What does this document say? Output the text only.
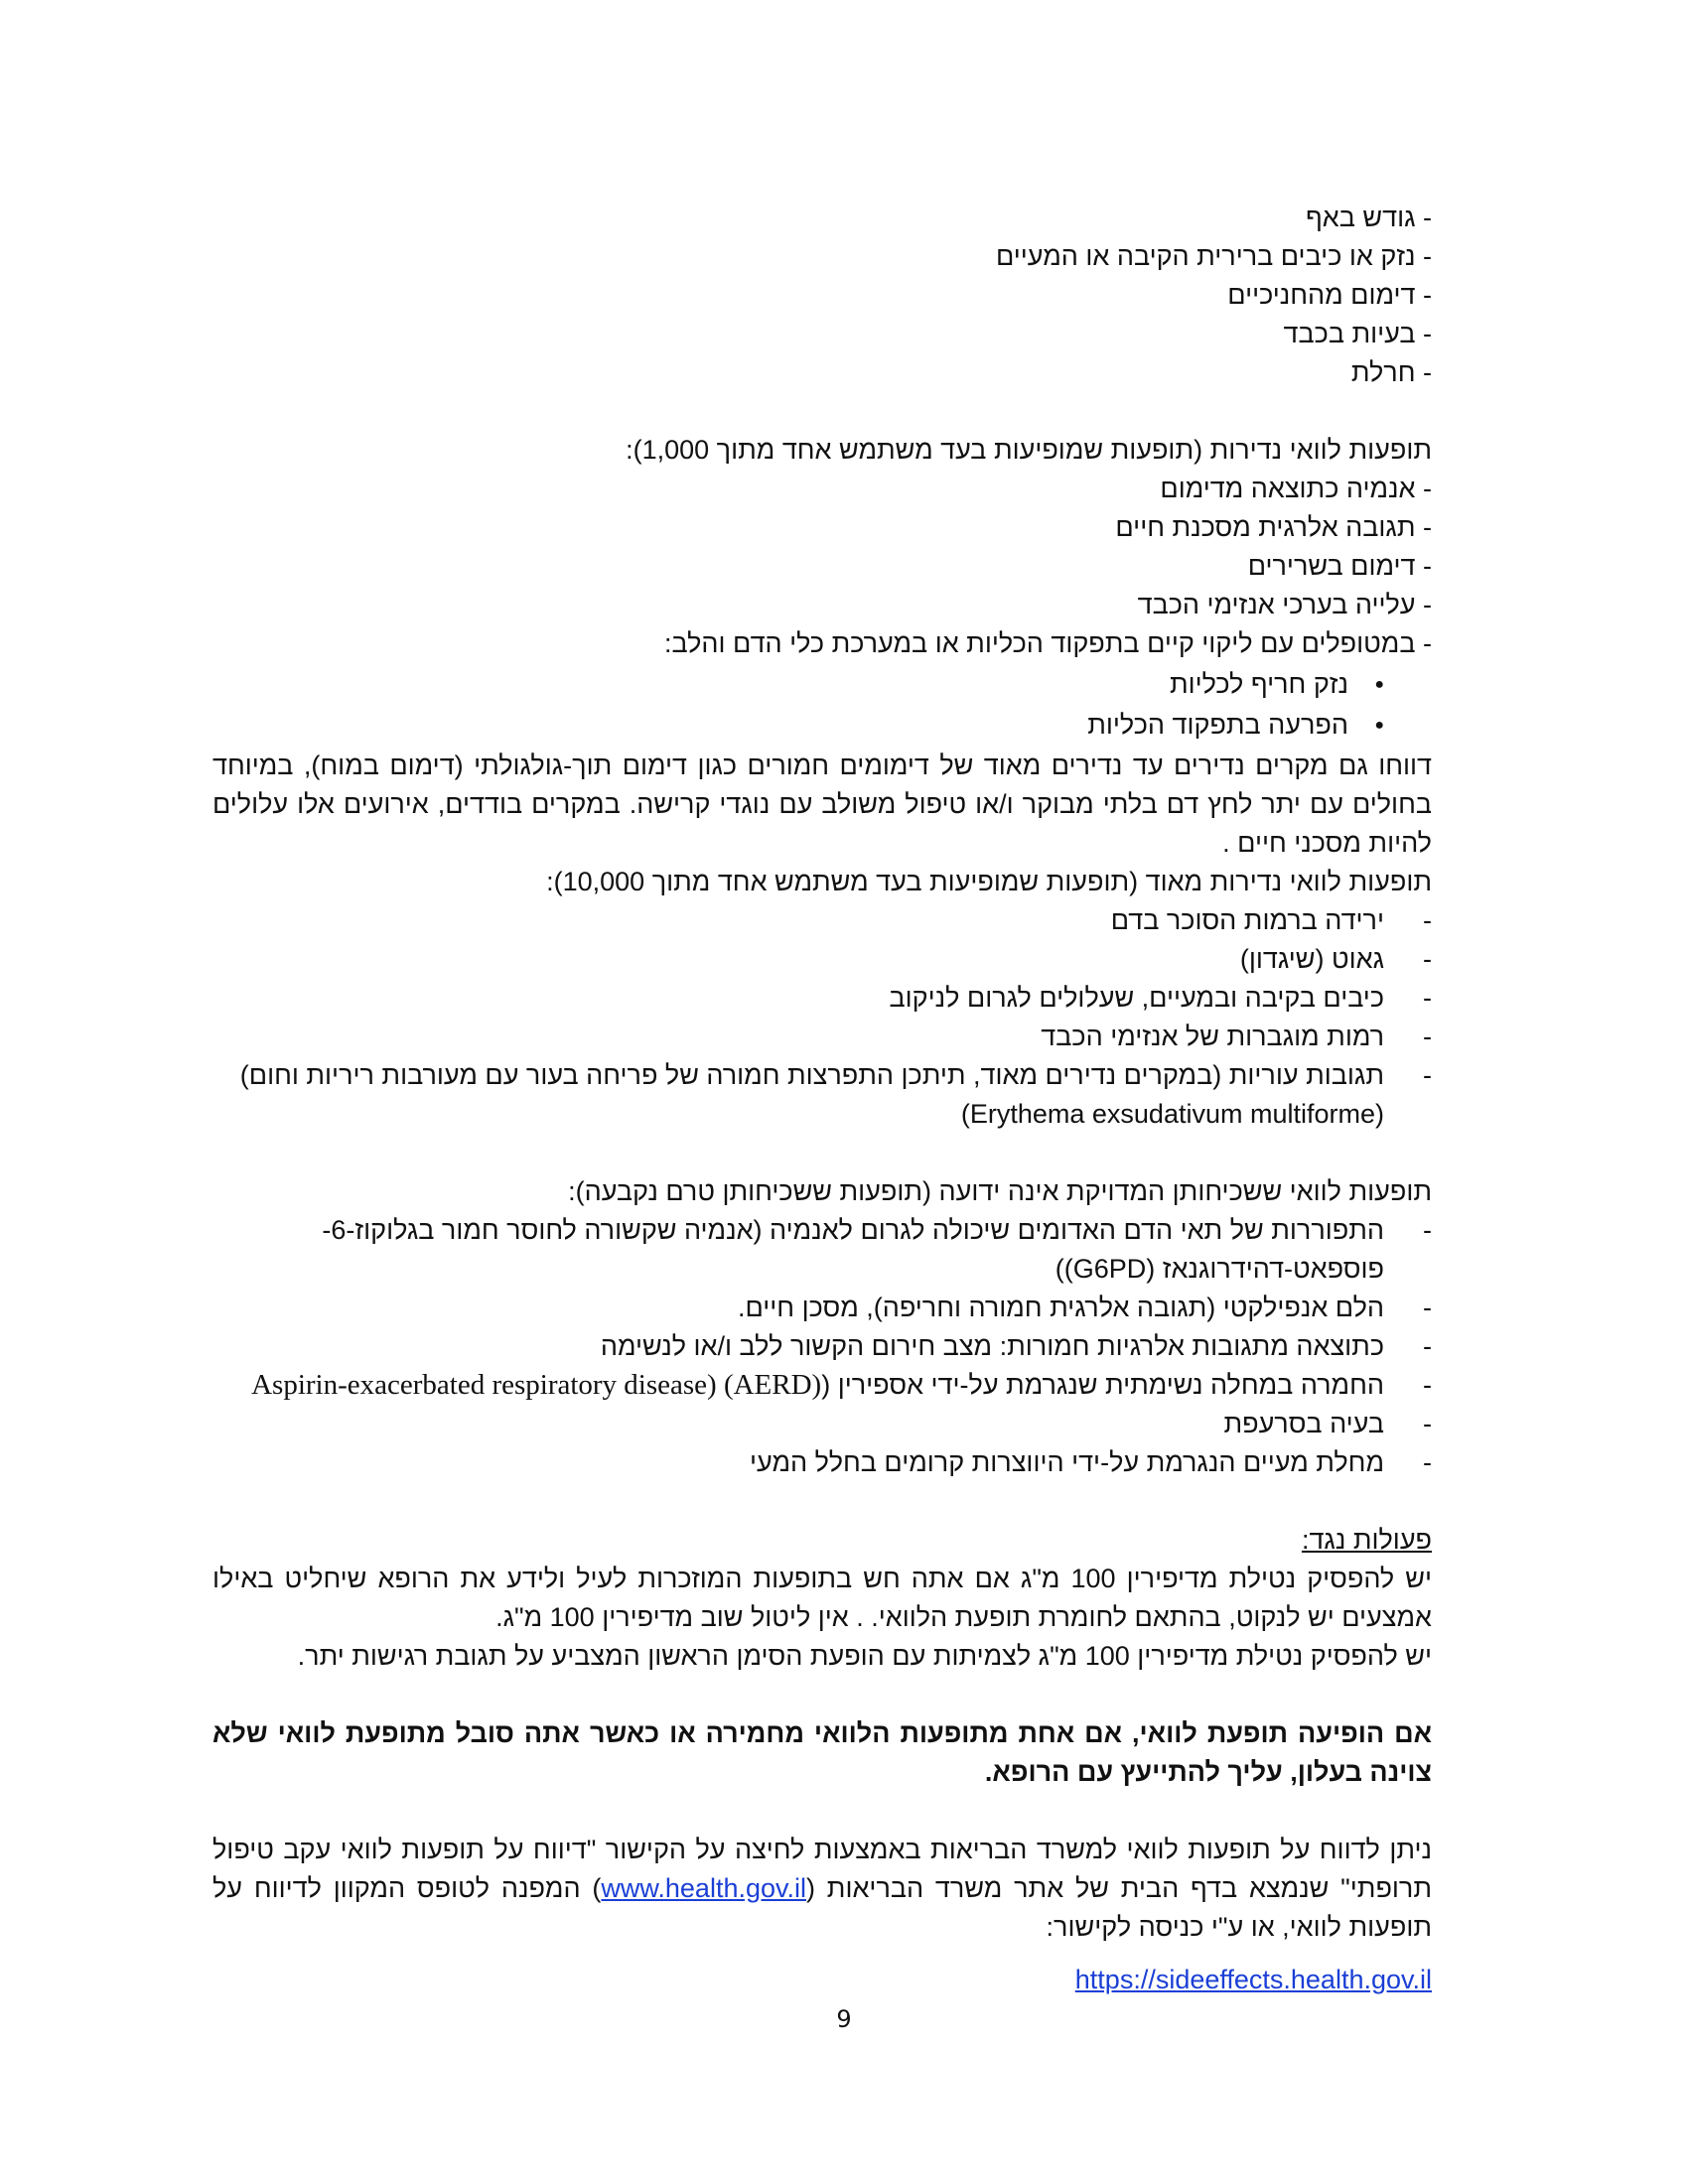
- גודש באף
- נזק או כיבים ברירית הקיבה או המעיים
- דימום מהחניכיים
- בעיות בכבד
- חרלת

תופעות לוואי נדירות (תופעות שמופיעות בעד משתמש אחד מתוך 1,000):

- אנמיה כתוצאה מדימום
- תגובה אלרגית מסכנת חיים
- דימום בשרירים
- עלייה בערכי אנזימי הכבד
- במטופלים עם ליקוי קיים בתפקוד הכליות או במערכת כלי הדם והלב:
● נזק חריף לכליות
● הפרעה בתפקוד הכליות

דווחו גם מקרים נדירים עד נדירים מאוד של דימומים חמורים כגון דימום תוך-גולגולתי (דימום במוח), במיוחד בחולים עם יתר לחץ דם בלתי מבוקר ו/או טיפול משולב עם נוגדי קרישה. במקרים בודדים, אירועים אלו עלולים להיות מסכני חיים .

תופעות לוואי נדירות מאוד (תופעות שמופיעות בעד משתמש אחד מתוך 10,000):

- ירידה ברמות הסוכר בדם
- גאוט (שיגדון)
- כיבים בקיבה ובמעיים, שעלולים לגרום לניקוב
- רמות מוגברות של אנזימי הכבד
- תגובות עוריות (במקרים נדירים מאוד, תיתכן התפרצות חמורה של פריחה בעור עם מעורבות ריריות וחום) (Erythema exsudativum multiforme)

תופעות לוואי ששכיחותן המדויקת אינה ידועה (תופעות ששכיחותן טרם נקבעה):

- התפוררות של תאי הדם האדומים שיכולה לגרום לאנמיה (אנמיה שקשורה לחוסר חמור בגלוקוז-6-פוספאט-דהידרוגנאז (G6PD))
- הלם אנפילקטי (תגובה אלרגית חמורה וחריפה), מסכן חיים.
- כתוצאה מתגובות אלרגיות חמורות: מצב חירום הקשור ללב ו/או לנשימה
- החמרה במחלה נשימתית שנגרמת על-ידי אספירין (Aspirin-exacerbated respiratory disease) (AERD)
- בעיה בסרעפת
- מחלת מעיים הנגרמת על-ידי היווצרות קרומים בחלל המעי

פעולות נגד:

יש להפסיק נטילת מדיפירין 100 מ"ג אם אתה חש בתופעות המוזכרות לעיל ולידע את הרופא שיחליט באילו אמצעים יש לנקוט, בהתאם לחומרת תופעת הלוואי. . אין ליטול שוב מדיפירין 100 מ"ג.

יש להפסיק נטילת מדיפירין 100 מ"ג לצמיתות עם הופעת הסימן הראשון המצביע על תגובת רגישות יתר.

אם הופיעה תופעת לוואי, אם אחת מתופעות הלוואי מחמירה או כאשר אתה סובל מתופעת לוואי שלא צוינה בעלון, עליך להתייעץ עם הרופא.

ניתן לדווח על תופעות לוואי למשרד הבריאות באמצעות לחיצה על הקישור "דיווח על תופעות לוואי עקב טיפול תרופתי" שנמצא בדף הבית של אתר משרד הבריאות (www.health.gov.il) המפנה לטופס המקוון לדיווח על תופעות לוואי, או ע"י כניסה לקישור:

https://sideeffects.health.gov.il

9
